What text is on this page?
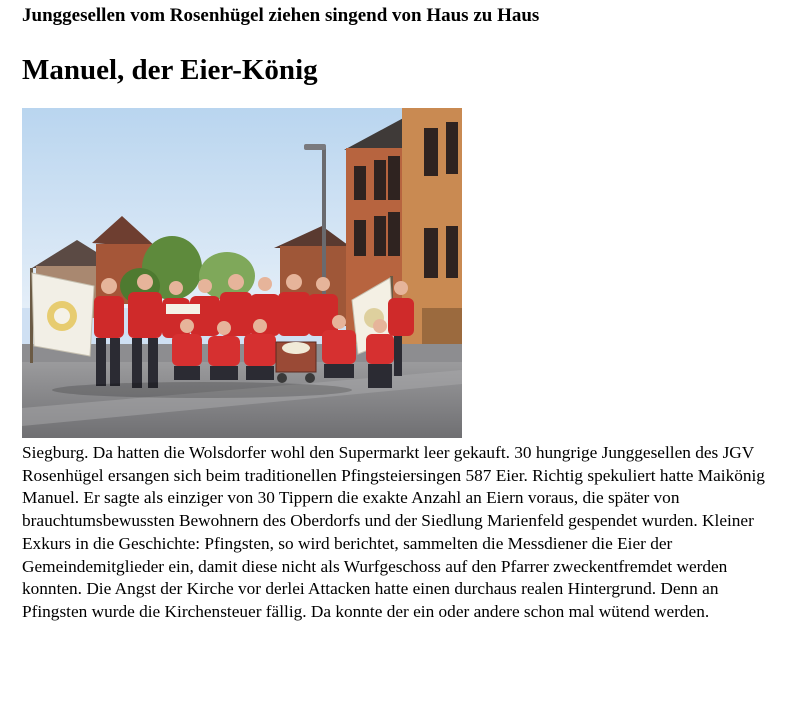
Junggesellen vom Rosenhügel ziehen singend von Haus zu Haus
Manuel, der Eier-König

Siegburg. Da hatten die Wolsdorfer wohl den Supermarkt leer gekauft. 30 hungrige Junggesellen des JGV Rosenhügel ersangen sich beim traditionellen Pfingsteiersingen 587 Eier. Richtig spekuliert hatte Maikönig Manuel. Er sagte als einziger von 30 Tippern die exakte Anzahl an Eiern voraus, die später von brauchtumsbewussten Bewohnern des Oberdorfs und der Siedlung Marienfeld gespendet wurden. Kleiner Exkurs in die Geschichte: Pfingsten, so wird berichtet, sammelten die Messdiener die Eier der Gemeindemitglieder ein, damit diese nicht als Wurfgeschoss auf den Pfarrer zweckentfremdet werden konnten. Die Angst der Kirche vor derlei Attacken hatte einen durchaus realen Hintergrund. Denn an Pfingsten wurde die Kirchensteuer fällig. Da konnte der ein oder andere schon mal wütend werden.
